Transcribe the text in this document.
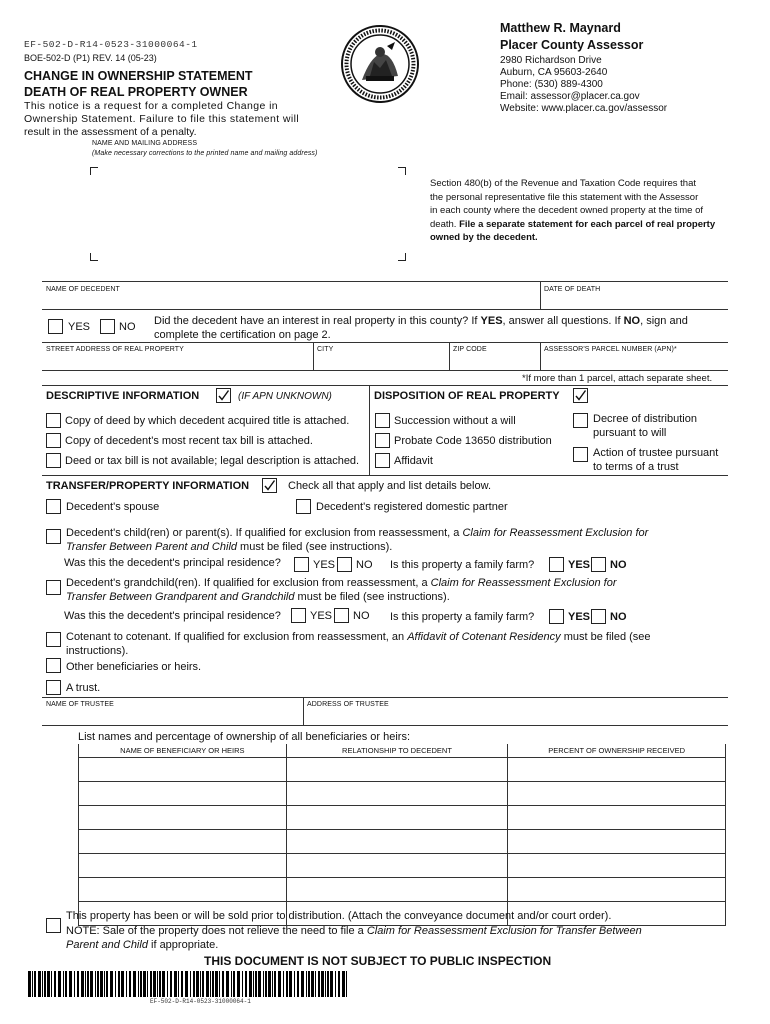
EF-502-D-R14-0523-31000064-1
BOE-502-D (P1) REV. 14 (05-23)
CHANGE IN OWNERSHIP STATEMENT
DEATH OF REAL PROPERTY OWNER
This notice is a request for a completed Change in
Ownership Statement. Failure to file this statement will
result in the assessment of a penalty.
Matthew R. Maynard
Placer County Assessor
2980 Richardson Drive
Auburn, CA 95603-2640
Phone: (530) 889-4300
Email: assessor@placer.ca.gov
Website: www.placer.ca.gov/assessor
NAME AND MAILING ADDRESS
(Make necessary corrections to the printed name and mailing address)
Section 480(b) of the Revenue and Taxation Code requires that
the personal representative file this statement with the Assessor
in each county where the decedent owned property at the time of
death. File a separate statement for each parcel of real property
owned by the decedent.
NAME OF DECEDENT	DATE OF DEATH
YES	NO Did the decedent have an interest in real property in this county? If YES, answer all questions. If NO, sign and
complete the certification on page 2.
STREET ADDRESS OF REAL PROPERTY	CITY	ZIP CODE	ASSESSOR'S PARCEL NUMBER (APN)*
*If more than 1 parcel, attach separate sheet.
DESCRIPTIVE INFORMATION	(IF APN UNKNOWN)	DISPOSITION OF REAL PROPERTY
Copy of deed by which decedent acquired title is attached.
Copy of decedent's most recent tax bill is attached.
Deed or tax bill is not available; legal description is attached.
Succession without a will
Probate Code 13650 distribution
Affidavit
Decree of distribution
pursuant to will
Action of trustee pursuant
to terms of a trust
TRANSFER/PROPERTY INFORMATION	Check all that apply and list details below.
Decedent's spouse	Decedent's registered domestic partner
Decedent's child(ren) or parent(s). If qualified for exclusion from reassessment, a Claim for Reassessment Exclusion for
Transfer Between Parent and Child must be filed (see instructions).
Was this the decedent's principal residence?	YES NO Is this property a family farm?	YES NO
Decedent's grandchild(ren). If qualified for exclusion from reassessment, a Claim for Reassessment Exclusion for
Transfer Between Grandparent and Grandchild must be filed (see instructions).
Was this the decedent's principal residence?	YES NO Is this property a family farm?	YES NO
Cotenant to cotenant. If qualified for exclusion from reassessment, an Affidavit of Cotenant Residency must be filed (see
instructions).
Other beneficiaries or heirs.
A trust.
NAME OF TRUSTEE	ADDRESS OF TRUSTEE
List names and percentage of ownership of all beneficiaries or heirs:
NAME OF BENEFICIARY OR HEIRS	RELATIONSHIP TO DECEDENT	PERCENT OF OWNERSHIP RECEIVED

This property has been or will be sold prior to distribution. (Attach the conveyance document and/or court order).
NOTE: Sale of the property does not relieve the need to file a Claim for Reassessment Exclusion for Transfer Between
Parent and Child if appropriate.
THIS DOCUMENT IS NOT SUBJECT TO PUBLIC INSPECTION
EF-502-D-R14-0523-31000064-1
